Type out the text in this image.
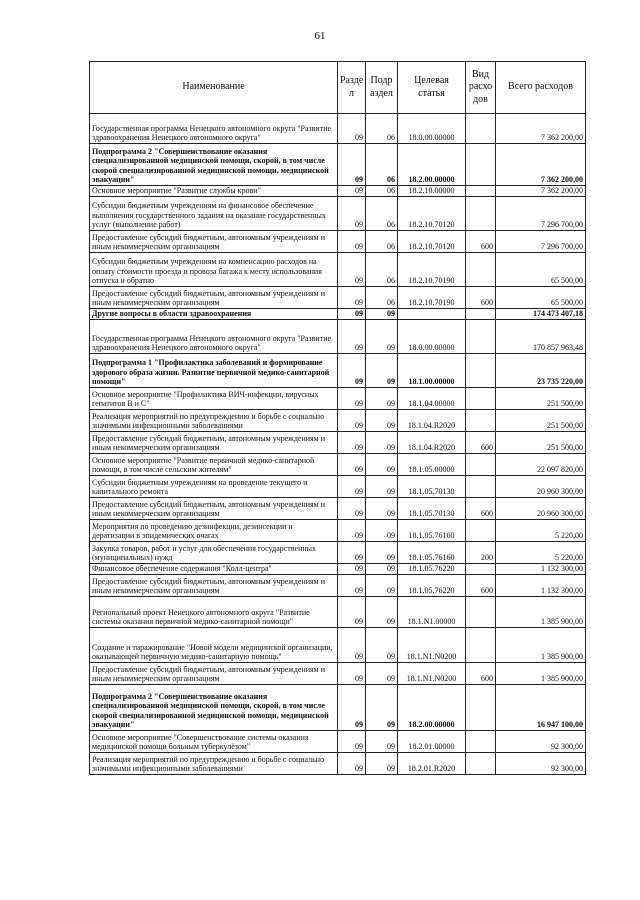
61
Наименование	Разде л	Подр аздел	Целевая статья	Вид расхо дов	Всего расходов
Государственная программа Ненецкого автономного округа "Развитие здравоохранения Ненецкого автономного округа"	09	06	18.0.00.00000		7 362 200,00
Подпрограмма 2 "Совершенствование оказания специализированной медицинской помощи, скорой, в том числе скорой специализированной медицинской помощи, медицинской эвакуации"	09	06	18.2.00.00000		7 362 200,00
Основное мероприятие "Развитие службы крови"	09	06	18.2.10.00000		7 362 200,00
Субсидии бюджетным учреждениям на финансовое обеспечение выполнения государственного задания на оказание государственных услуг (выполнение работ)	09	06	18.2.10.70120		7 296 700,00
Предоставление субсидий бюджетным, автономным учреждениям и иным некоммерческим организациям	09	06	18.2.10.70120	600	7 296 700,00
Субсидии бюджетным учреждениям на компенсацию расходов на оплату стоимости проезда и провоза багажа к месту использования отпуска и обратно	09	06	18.2.10.70190		65 500,00
Предоставление субсидий бюджетным, автономным учреждениям и иным некоммерческим организациям	09	06	18.2.10.70190	600	65 500,00
Другие вопросы в области здравоохранения	09	09			174 473 407,18
Государственная программа Ненецкого автономного округа "Развитие здравоохранения Ненецкого автономного округа"	09	09	18.0.00.00000		170 857 963,48
Подпрограмма 1 "Профилактика заболеваний и формирование здорового образа жизни. Развитие первичной медико-санитарной помощи"	09	09	18.1.00.00000		23 735 220,00
Основное мероприятие "Профилактика ВИЧ-инфекции, вирусных гепатитов В и С"	09	09	18.1.04.00000		251 500,00
Реализация мероприятий по предупреждению и борьбе с социально значимыми инфекционными заболеваниями	09	09	18.1.04.R2020		251 500,00
Предоставление субсидий бюджетным, автономным учреждениям и иным некоммерческим организациям	09	09	18.1.04.R2020	600	251 500,00
Основное мероприятие "Развитие первичной медико-санитарной помощи, в том числе сельским жителям"	09	09	18.1.05.00000		22 097 820,00
Субсидии бюджетным учреждениям на проведение текущего и капитального ремонта	09	09	18.1.05.70130		20 960 300,00
Предоставление субсидий бюджетным, автономным учреждениям и иным некоммерческим организациям	09	09	18.1.05.70130	600	20 960 300,00
Мероприятия по проведению дезинфекции, дезинсекции и дератизации в эпидемических очагах	09	09	18.1.05.76160		5 220,00
Закупка товаров, работ и услуг для обеспечения государственных (муниципальных) нужд	09	09	18.1.05.76160	200	5 220,00
Финансовое обеспечение содержания "Колл-центра"	09	09	18.1.05.76220		1 132 300,00
Предоставление субсидий бюджетным, автономным учреждениям и иным некоммерческим организациям	09	09	18.1.05.76220	600	1 132 300,00
Региональный проект Ненецкого автономного округа "Развитие системы оказания первичной медико-санитарной помощи"	09	09	18.1.N1.00000		1 385 900,00
Создание и тиражирование "Новой модели медицинской организации, оказывающей первичную медико-санитарную помощь"	09	09	18.1.N1.N0200		1 385 900,00
Предоставление субсидий бюджетным, автономным учреждениям и иным некоммерческим организациям	09	09	18.1.N1.N0200	600	1 385 900,00
Подпрограмма 2 "Совершенствование оказания специализированной медицинской помощи, скорой, в том числе скорой специализированной медицинской помощи, медицинской эвакуации"	09	09	18.2.00.00000		16 947 100,00
Основное мероприятие "Совершенствование системы оказания медицинской помощи больным туберкулёзом"	09	09	18.2.01.00000		92 300,00
Реализация мероприятий по предупреждению и борьбе с социально значимыми инфекционными заболеваниями	09	09	18.2.01.R2020		92 300,00
